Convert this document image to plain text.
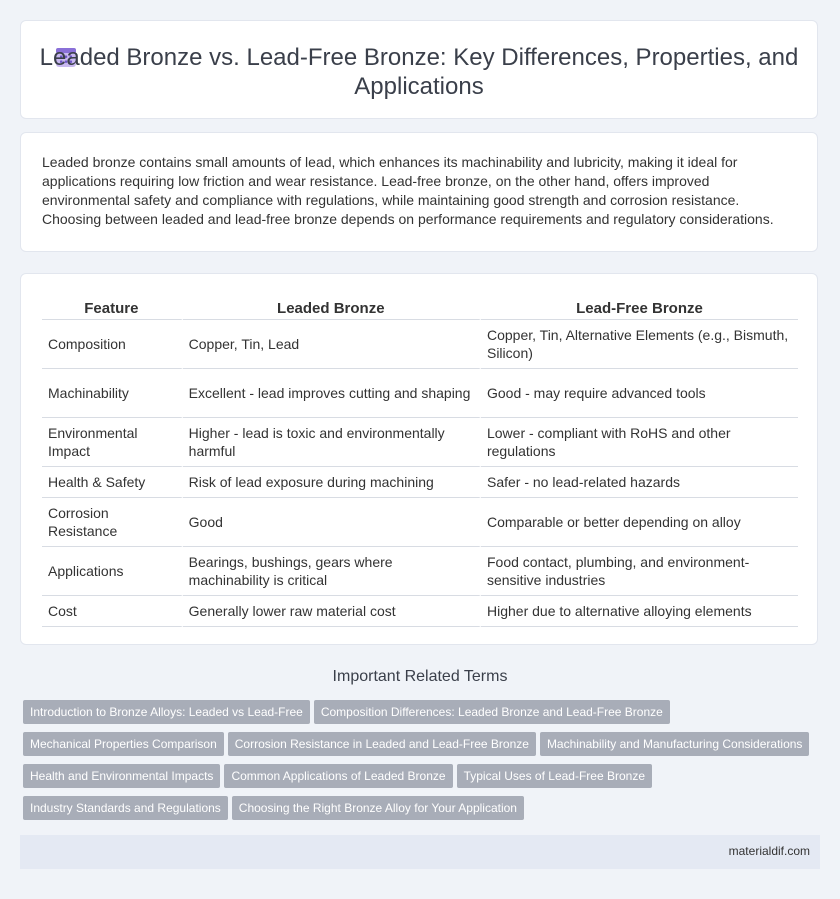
Leaded Bronze vs. Lead-Free Bronze: Key Differences, Properties, and Applications
Leaded bronze contains small amounts of lead, which enhances its machinability and lubricity, making it ideal for applications requiring low friction and wear resistance. Lead-free bronze, on the other hand, offers improved environmental safety and compliance with regulations, while maintaining good strength and corrosion resistance. Choosing between leaded and lead-free bronze depends on performance requirements and regulatory considerations.
Feature	Leaded Bronze	Lead-Free Bronze
Composition	Copper, Tin, Lead	Copper, Tin, Alternative Elements (e.g., Bismuth, Silicon)
Machinability	Excellent - lead improves cutting and shaping	Good - may require advanced tools
Environmental Impact	Higher - lead is toxic and environmentally harmful	Lower - compliant with RoHS and other regulations
Health & Safety	Risk of lead exposure during machining	Safer - no lead-related hazards
Corrosion Resistance	Good	Comparable or better depending on alloy
Applications	Bearings, bushings, gears where machinability is critical	Food contact, plumbing, and environment-sensitive industries
Cost	Generally lower raw material cost	Higher due to alternative alloying elements
Important Related Terms
Introduction to Bronze Alloys: Leaded vs Lead-Free Composition Differences: Leaded Bronze and Lead-Free Bronze
Mechanical Properties Comparison Corrosion Resistance in Leaded and Lead-Free Bronze Machinability and Manufacturing Considerations
Health and Environmental Impacts Common Applications of Leaded Bronze Typical Uses of Lead-Free Bronze
Industry Standards and Regulations Choosing the Right Bronze Alloy for Your Application
materialdif.com
